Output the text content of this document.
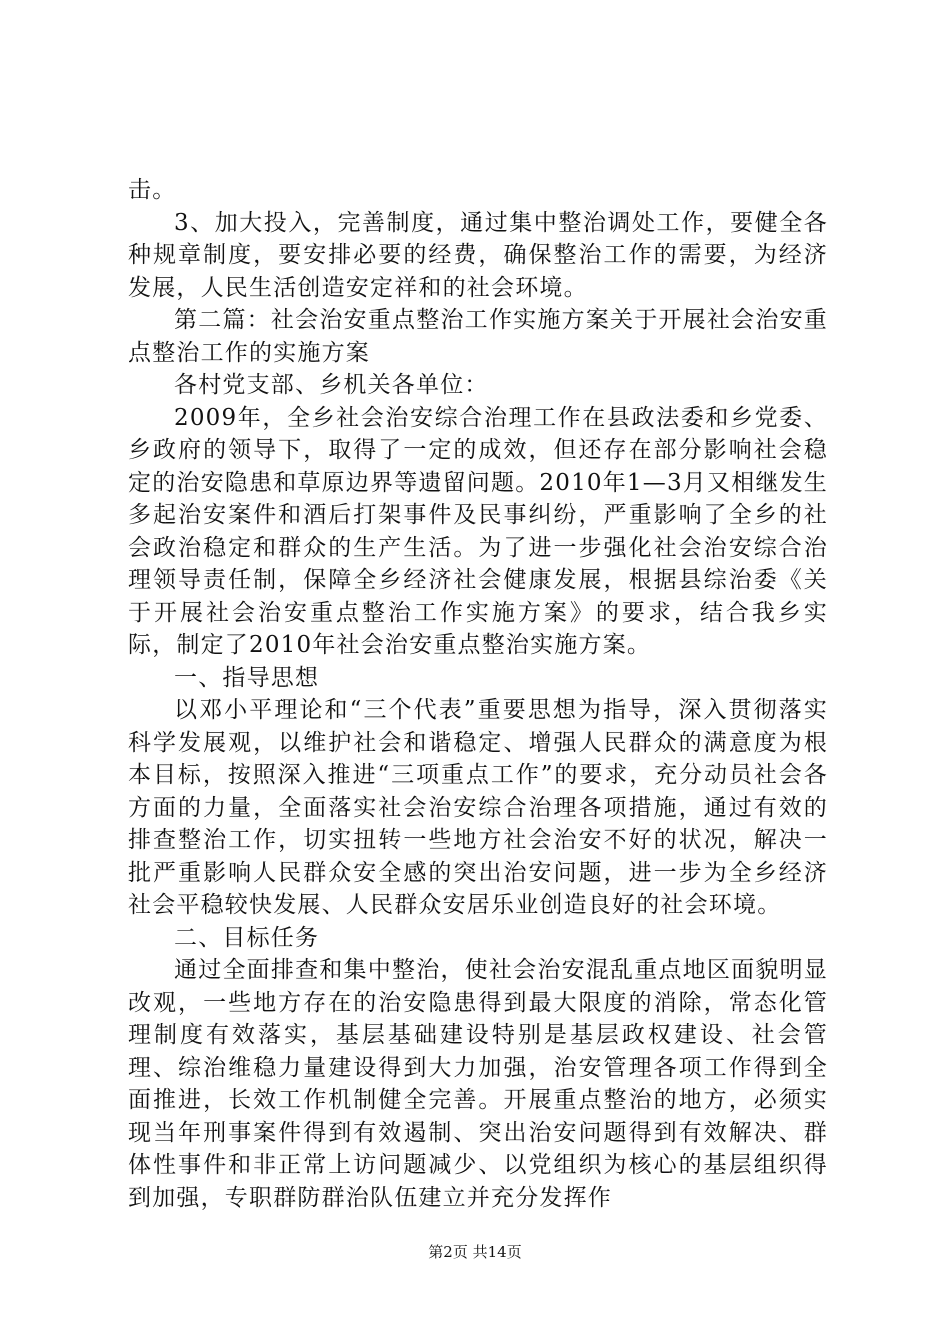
击。

3、加大投入，完善制度，通过集中整治调处工作，要健全各种规章制度，要安排必要的经费，确保整治工作的需要，为经济发展，人民生活创造安定祥和的社会环境。

第二篇：社会治安重点整治工作实施方案关于开展社会治安重点整治工作的实施方案

各村党支部、乡机关各单位：

2009年，全乡社会治安综合治理工作在县政法委和乡党委、乡政府的领导下，取得了一定的成效，但还存在部分影响社会稳定的治安隐患和草原边界等遗留问题。2010年1—3月又相继发生多起治安案件和酒后打架事件及民事纠纷，严重影响了全乡的社会政治稳定和群众的生产生活。为了进一步强化社会治安综合治理领导责任制，保障全乡经济社会健康发展，根据县综治委《关于开展社会治安重点整治工作实施方案》的要求，结合我乡实际，制定了2010年社会治安重点整治实施方案。

一、指导思想

以邓小平理论和“三个代表”重要思想为指导，深入贯彻落实科学发展观，以维护社会和谐稳定、增强人民群众的满意度为根本目标，按照深入推进“三项重点工作”的要求，充分动员社会各方面的力量，全面落实社会治安综合治理各项措施，通过有效的排查整治工作，切实扭转一些地方社会治安不好的状况，解决一批严重影响人民群众安全感的突出治安问题，进一步为全乡经济社会平稳较快发展、人民群众安居乐业创造良好的社会环境。

二、目标任务

通过全面排查和集中整治，使社会治安混乱重点地区面貌明显改观，一些地方存在的治安隐患得到最大限度的消除，常态化管理制度有效落实，基层基础建设特别是基层政权建设、社会管理、综治维稳力量建设得到大力加强，治安管理各项工作得到全面推进，长效工作机制健全完善。开展重点整治的地方，必须实现当年刑事案件得到有效遏制、突出治安问题得到有效解决、群体性事件和非正常上访问题减少、以党组织为核心的基层组织得到加强，专职群防群治队伍建立并充分发挥作

第2页 共14页
